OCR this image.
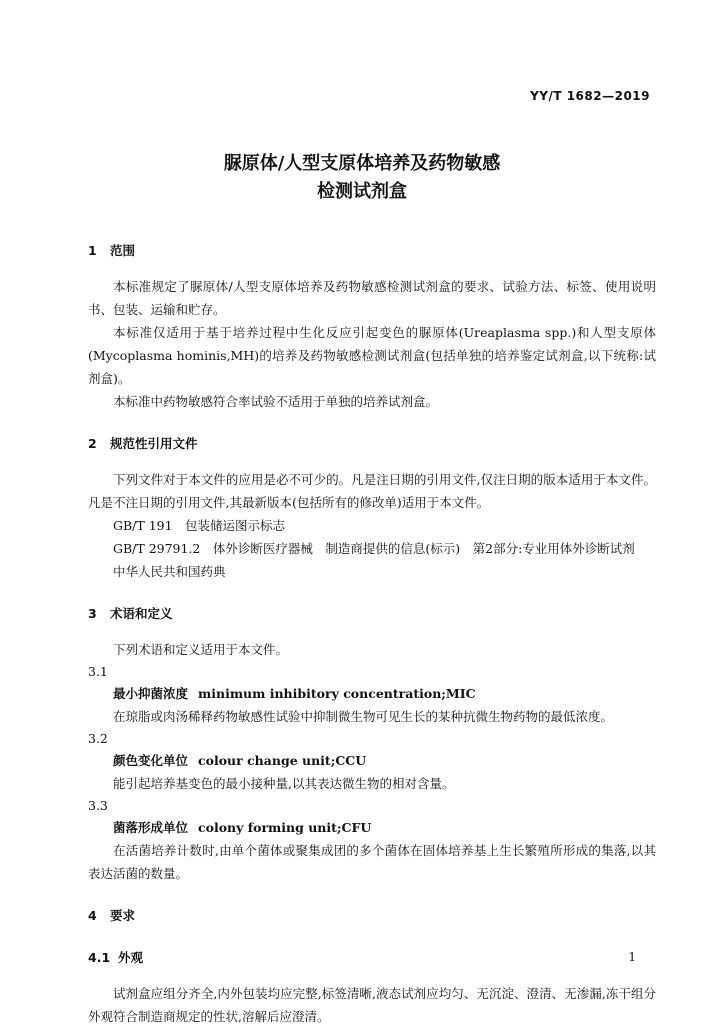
YY/T 1682—2019
脲原体/人型支原体培养及药物敏感
检测试剂盒
1 范围
本标准规定了脲原体/人型支原体培养及药物敏感检测试剂盒的要求、试验方法、标签、使用说明书、包装、运输和贮存。
本标准仅适用于基于培养过程中生化反应引起变色的脲原体(Ureaplasma spp.)和人型支原体(Mycoplasma hominis,MH)的培养及药物敏感检测试剂盒(包括单独的培养鉴定试剂盒,以下统称:试剂盒)。
本标准中药物敏感符合率试验不适用于单独的培养试剂盒。
2 规范性引用文件
下列文件对于本文件的应用是必不可少的。凡是注日期的引用文件,仅注日期的版本适用于本文件。凡是不注日期的引用文件,其最新版本(包括所有的修改单)适用于本文件。
GB/T 191　包装储运图示标志
GB/T 29791.2　体外诊断医疗器械　制造商提供的信息(标示)　第2部分:专业用体外诊断试剂
中华人民共和国药典
3 术语和定义
下列术语和定义适用于本文件。
3.1
最小抑菌浓度 minimum inhibitory concentration;MIC
在琼脂或肉汤稀释药物敏感性试验中抑制微生物可见生长的某种抗微生物药物的最低浓度。
3.2
颜色变化单位 colour change unit;CCU
能引起培养基变色的最小接种量,以其表达微生物的相对含量。
3.3
菌落形成单位 colony forming unit;CFU
在活菌培养计数时,由单个菌体或聚集成团的多个菌体在固体培养基上生长繁殖所形成的集落,以其表达活菌的数量。
4 要求
4.1 外观
试剂盒应组分齐全,内外包装均应完整,标签清晰,液态试剂应均匀、无沉淀、澄清、无渗漏,冻干组分外观符合制造商规定的性状,溶解后应澄清。
1
